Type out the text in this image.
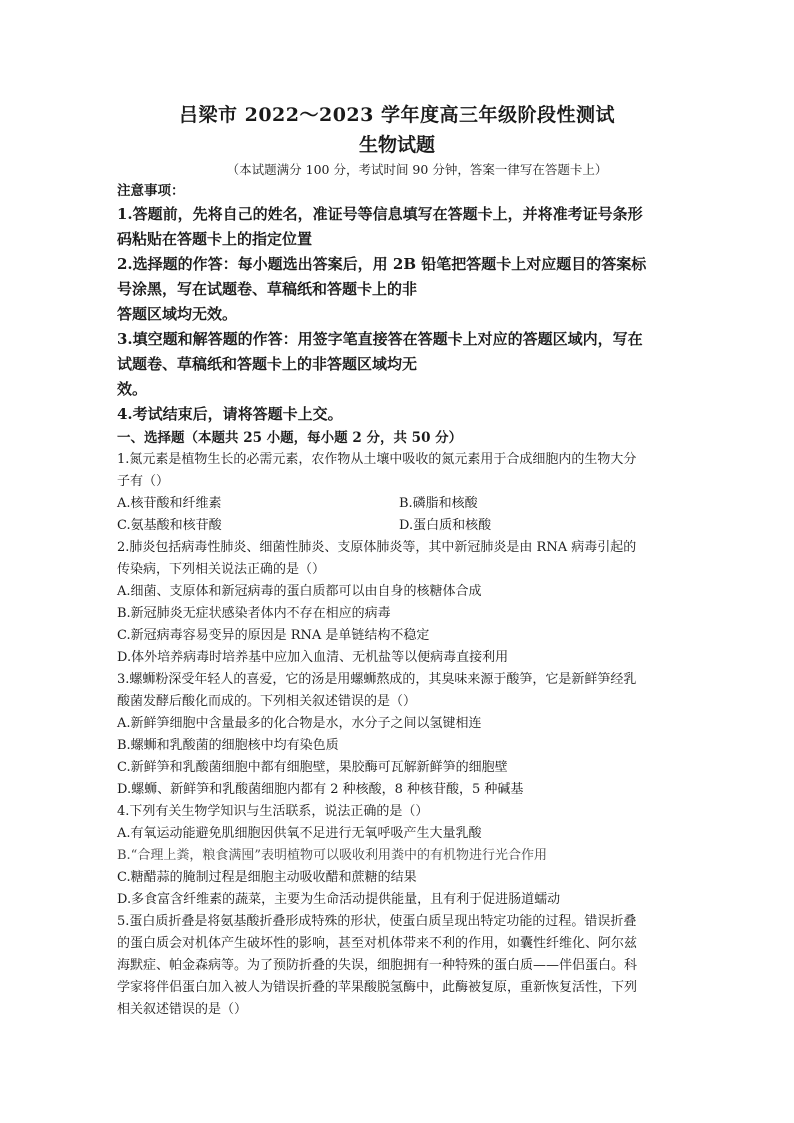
吕梁市 2022～2023 学年度高三年级阶段性测试
生物试题
（本试题满分 100 分，考试时间 90 分钟，答案一律写在答题卡上）
注意事项：
1.答题前，先将自己的姓名，准证号等信息填写在答题卡上，并将准考证号条形
码粘贴在答题卡上的指定位置
2.选择题的作答：每小题选出答案后，用 2B 铅笔把答题卡上对应题目的答案标
号涂黑，写在试题卷、草稿纸和答题卡上的非
答题区域均无效。
3.填空题和解答题的作答：用签字笔直接答在答题卡上对应的答题区域内，写在
试题卷、草稿纸和答题卡上的非答题区域均无
效。
4.考试结束后，请将答题卡上交。
一、选择题（本题共 25 小题，每小题 2 分，共 50 分）
1.氮元素是植物生长的必需元素，农作物从土壤中吸收的氮元素用于合成细胞内的生物大分
子有（）
A.核苷酸和纤维素	B.磷脂和核酸
C.氨基酸和核苷酸	D.蛋白质和核酸
2.肺炎包括病毒性肺炎、细菌性肺炎、支原体肺炎等，其中新冠肺炎是由 RNA 病毒引起的
传染病，下列相关说法正确的是（）
A.细菌、支原体和新冠病毒的蛋白质都可以由自身的核糖体合成
B.新冠肺炎无症状感染者体内不存在相应的病毒
C.新冠病毒容易变异的原因是 RNA 是单链结构不稳定
D.体外培养病毒时培养基中应加入血清、无机盐等以便病毒直接利用
3.螺蛳粉深受年轻人的喜爱，它的汤是用螺蛳熬成的，其臭味来源于酸笋，它是新鲜笋经乳
酸菌发酵后酸化而成的。下列相关叙述错误的是（）
A.新鲜笋细胞中含量最多的化合物是水，水分子之间以氢键相连
B.螺蛳和乳酸菌的细胞核中均有染色质
C.新鲜笋和乳酸菌细胞中都有细胞壁，果胶酶可瓦解新鲜笋的细胞壁
D.螺蛳、新鲜笋和乳酸菌细胞内都有 2 种核酸，8 种核苷酸，5 种碱基
4.下列有关生物学知识与生活联系，说法正确的是（）
A.有氧运动能避免肌细胞因供氧不足进行无氧呼吸产生大量乳酸
B.“合理上粪，粮食满囤”表明植物可以吸收利用粪中的有机物进行光合作用
C.糖醋蒜的腌制过程是细胞主动吸收醋和蔗糖的结果
D.多食富含纤维素的蔬菜，主要为生命活动提供能量，且有利于促进肠道蠕动
5.蛋白质折叠是将氨基酸折叠形成特殊的形状，使蛋白质呈现出特定功能的过程。错误折叠
的蛋白质会对机体产生破坏性的影响，甚至对机体带来不利的作用，如囊性纤维化、阿尔兹
海默症、帕金森病等。为了预防折叠的失误，细胞拥有一种特殊的蛋白质——伴侣蛋白。科
学家将伴侣蛋白加入被人为错误折叠的苹果酸脱氢酶中，此酶被复原，重新恢复活性，下列
相关叙述错误的是（）
